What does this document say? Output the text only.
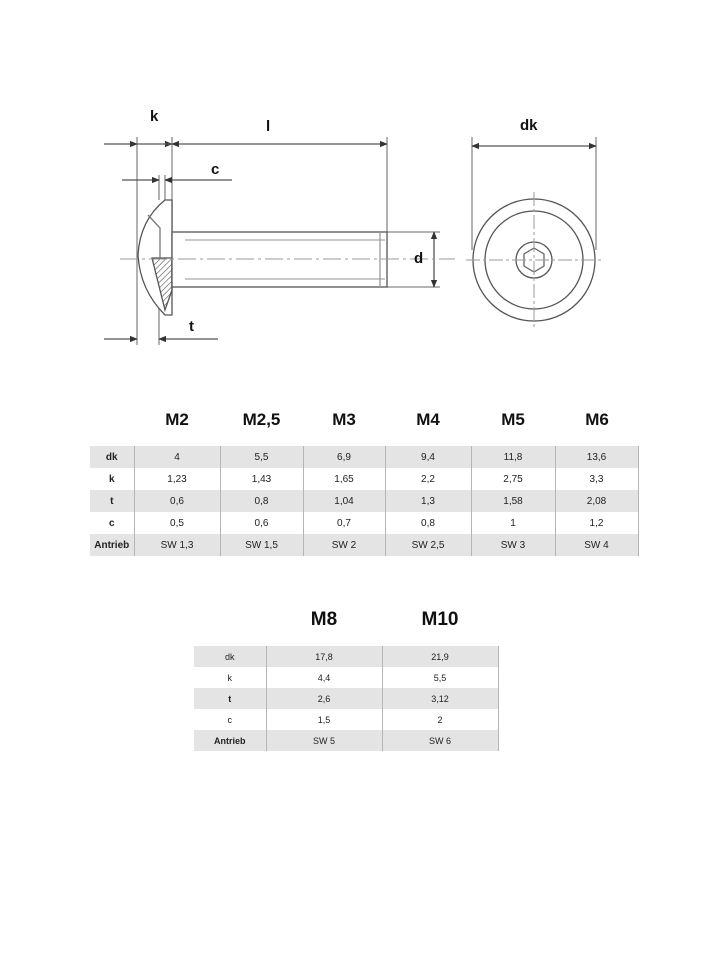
k
l
c
d
t
dk
M2	M2,5	M3	M4	M5	M6
dk	4	5,5	6,9	9,4	11,8	13,6
k	1,23	1,43	1,65	2,2	2,75	3,3
t	0,6	0,8	1,04	1,3	1,58	2,08
c	0,5	0,6	0,7	0,8	1	1,2
Antrieb	SW 1,3	SW 1,5	SW 2	SW 2,5	SW 3	SW 4
M8	M10
dk	17,8	21,9
k	4,4	5,5
t	2,6	3,12
c	1,5	2
Antrieb	SW 5	SW 6
